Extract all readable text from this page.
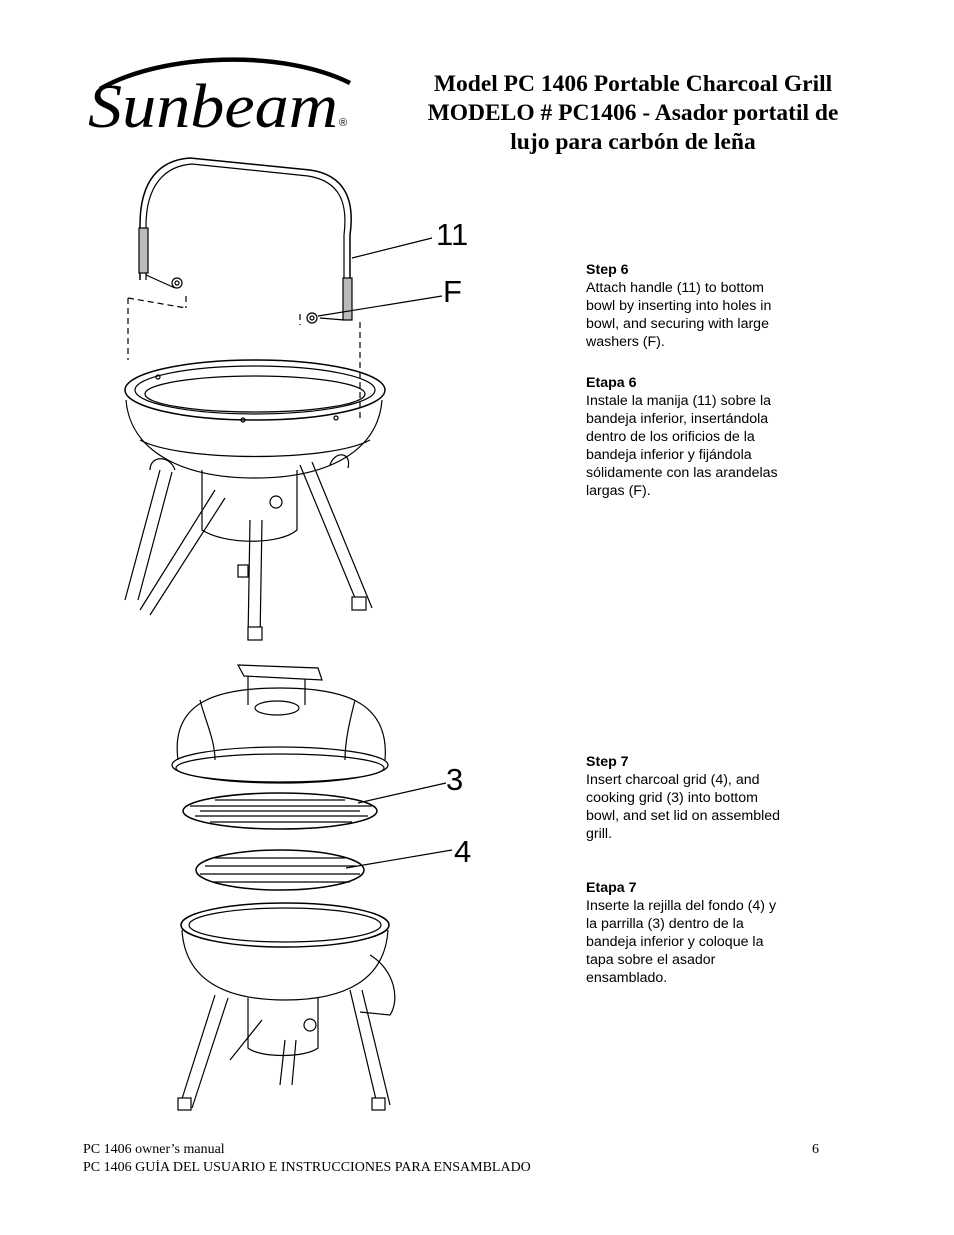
Sunbeam ®
Model PC 1406 Portable Charcoal Grill
MODELO # PC1406 - Asador portatil de
lujo para carbón de leña
11
F
3
4
Step 6
Attach handle (11) to bottom
bowl by inserting into holes in
bowl, and securing with large
washers (F).
Etapa 6
Instale la manija (11) sobre la
bandeja inferior, insertándola
dentro de los orificios de la
bandeja inferior y fijándola
sólidamente con las arandelas
largas (F).
Step 7
Insert charcoal grid (4), and
cooking grid (3) into bottom
bowl, and set lid on assembled
grill.
Etapa 7
Inserte la rejilla del fondo (4) y
la parrilla (3) dentro de la
bandeja inferior y coloque la
tapa sobre el asador
ensamblado.
PC 1406 owner’s manual
PC 1406 GUÍA DEL USUARIO E INSTRUCCIONES PARA ENSAMBLADO
6
